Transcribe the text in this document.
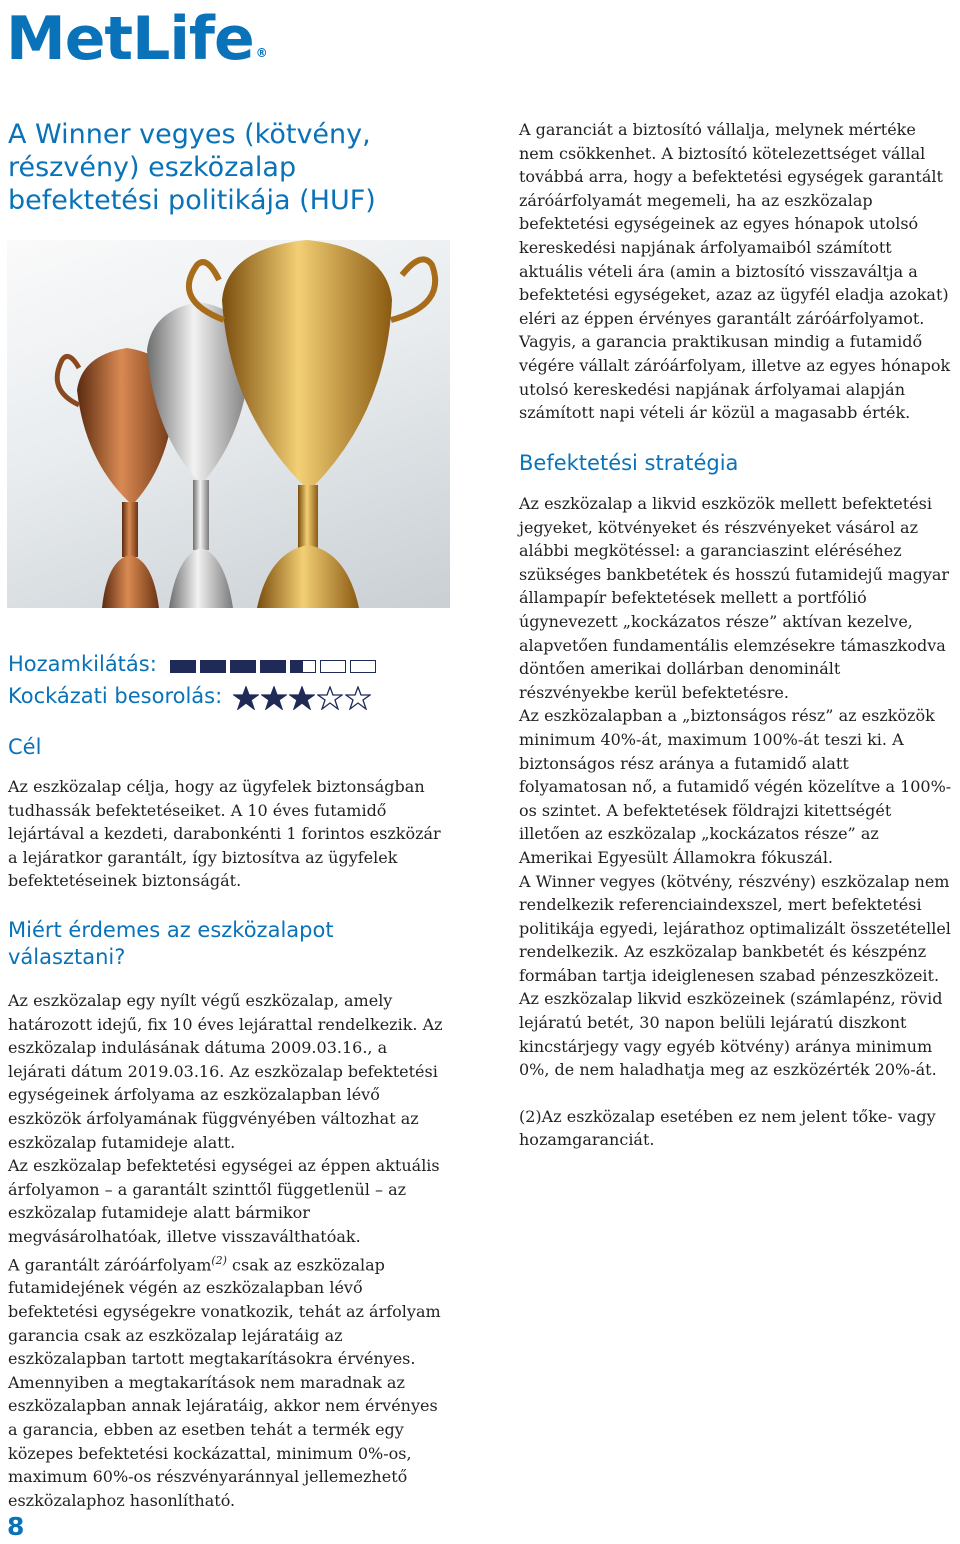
MetLife ®
A Winner vegyes (kötvény, részvény) eszközalap befektetési politikája (HUF)
Hozamkilátás:
Kockázati besorolás:
Cél

Az eszközalap célja, hogy az ügyfelek biztonságban tudhassák befektetéseiket. A 10 éves futamidő lejártával a kezdeti, darabonkénti 1 forintos eszközár a lejáratkor garantált, így biztosítva az ügyfelek befektetéseinek biztonságát.

Miért érdemes az eszközalapot választani?

Az eszközalap egy nyílt végű eszközalap, amely határozott idejű, fix 10 éves lejárattal rendelkezik. Az eszközalap indulásának dátuma 2009.03.16., a lejárati dátum 2019.03.16. Az eszközalap befektetési egységeinek árfolyama az eszközalapban lévő eszközök árfolyamának függvényében változhat az eszközalap futamideje alatt.

Az eszközalap befektetési egységei az éppen aktuális árfolyamon – a garantált szinttől függetlenül – az eszközalap futamideje alatt bármikor megvásárolhatóak, illetve visszaválthatóak.

A garantált záróárfolyam$^{(2)}$ csak az eszközalap futamidejének végén az eszközalapban lévő befektetési egységekre vonatkozik, tehát az árfolyam garancia csak az eszközalap lejáratáig az eszközalapban tartott megtakarításokra érvényes.

Amennyiben a megtakarítások nem maradnak az eszközalapban annak lejáratáig, akkor nem érvényes a garancia, ebben az esetben tehát a termék egy közepes befektetési kockázattal, minimum 0%-os, maximum 60%-os részvényaránnyal jellemezhető eszközalaphoz hasonlítható.

A garanciát a biztosító vállalja, melynek mértéke nem csökkenhet. A biztosító kötelezettséget vállal továbbá arra, hogy a befektetési egységek garantált záróárfolyamát megemeli, ha az eszközalap befektetési egységeinek az egyes hónapok utolsó kereskedési napjának árfolyamaiból számított aktuális vételi ára (amin a biztosító visszaváltja a befektetési egységeket, azaz az ügyfél eladja azokat) eléri az éppen érvényes garantált záróárfolyamot.

Vagyis, a garancia praktikusan mindig a futamidő végére vállalt záróárfolyam, illetve az egyes hónapok utolsó kereskedési napjának árfolyamai alapján számított napi vételi ár közül a magasabb érték.

Befektetési stratégia

Az eszközalap a likvid eszközök mellett befektetési jegyeket, kötvényeket és részvényeket vásárol az alábbi megkötéssel: a garanciaszint eléréséhez szükséges bankbetétek és hosszú futamidejű magyar állampapír befektetések mellett a portfólió úgynevezett „kockázatos része” aktívan kezelve, alapvetően fundamentális elemzésekre támaszkodva döntően amerikai dollárban denominált részvényekbe kerül befektetésre.

Az eszközalapban a „biztonságos rész” az eszközök minimum 40%-át, maximum 100%-át teszi ki. A biztonságos rész aránya a futamidő alatt folyamatosan nő, a futamidő végén közelítve a 100%-os szintet. A befektetések földrajzi kitettségét illetően az eszközalap „kockázatos része” az Amerikai Egyesült Államokra fókuszál.

A Winner vegyes (kötvény, részvény) eszközalap nem rendelkezik referenciaindexszel, mert befektetési politikája egyedi, lejárathoz optimalizált összetétellel rendelkezik. Az eszközalap bankbetét és készpénz formában tartja ideiglenesen szabad pénzeszközeit. Az eszközalap likvid eszközeinek (számlapénz, rövid lejáratú betét, 30 napon belüli lejáratú diszkont kincstárjegy vagy egyéb kötvény) aránya minimum 0%, de nem haladhatja meg az eszközérték 20%-át.

(2)Az eszközalap esetében ez nem jelent tőke- vagy hozamgaranciát.

8
